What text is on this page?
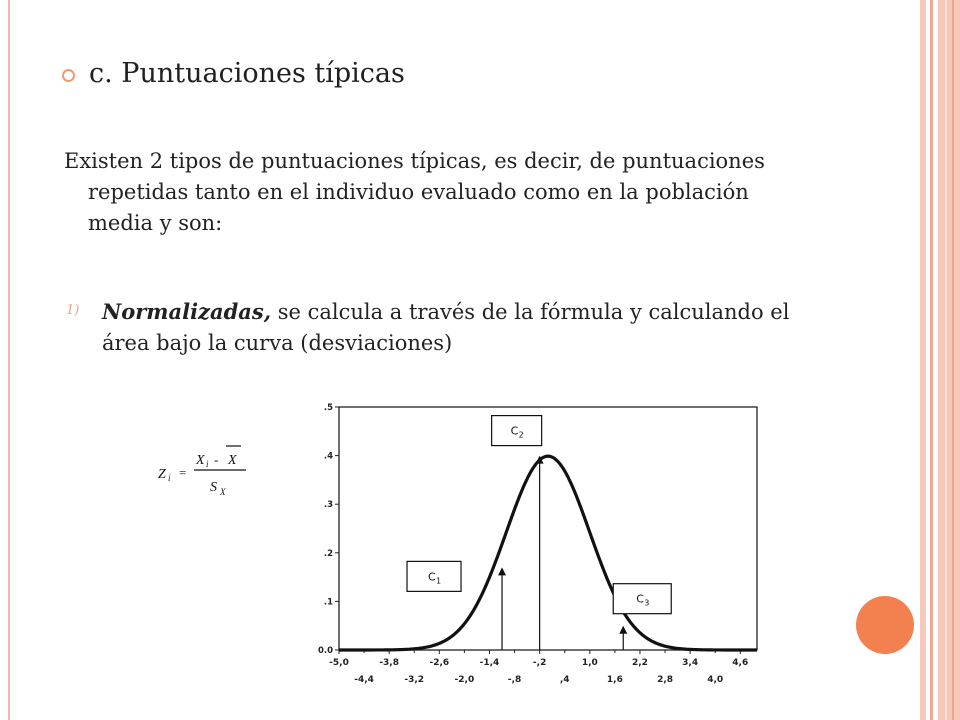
c. Puntuaciones típicas
Existen 2 tipos de puntuaciones típicas, es decir, de puntuaciones repetidas tanto en el individuo evaluado como en la población media y son:
1) Normalizadas, se calcula a través de la fórmula y calculando el área bajo la curva (desviaciones)
Z i =
X i - X
S X
.5
.4
.3
.2
.1
0.0
-5,0	-3,8	-2,6	-1,4	-,2	1,0	2,2	3,4	4,6
-4,4	-3,2	-2,0	-,8	,4	1,6	2,8	4,0
C 1
C 2
C 3
